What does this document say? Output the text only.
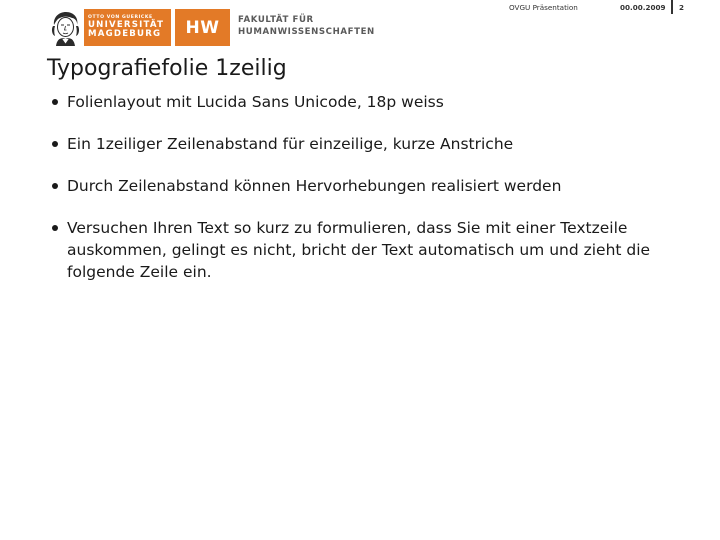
OTTO VON GUERICKE
UNIVERSITÄT
MAGDEBURG	HW	FAKULTÄT FÜR
HUMANWISSENSCHAFTEN
OVGU Präsentation	00.00.2009 2
Typografiefolie 1zeilig
Folienlayout mit Lucida Sans Unicode, 18p weiss
Ein 1zeiliger Zeilenabstand für einzeilige, kurze Anstriche
Durch Zeilenabstand können Hervorhebungen realisiert werden
Versuchen Ihren Text so kurz zu formulieren, dass Sie mit einer Textzeile auskommen, gelingt es nicht, bricht der Text automatisch um und zieht die folgende Zeile ein.
